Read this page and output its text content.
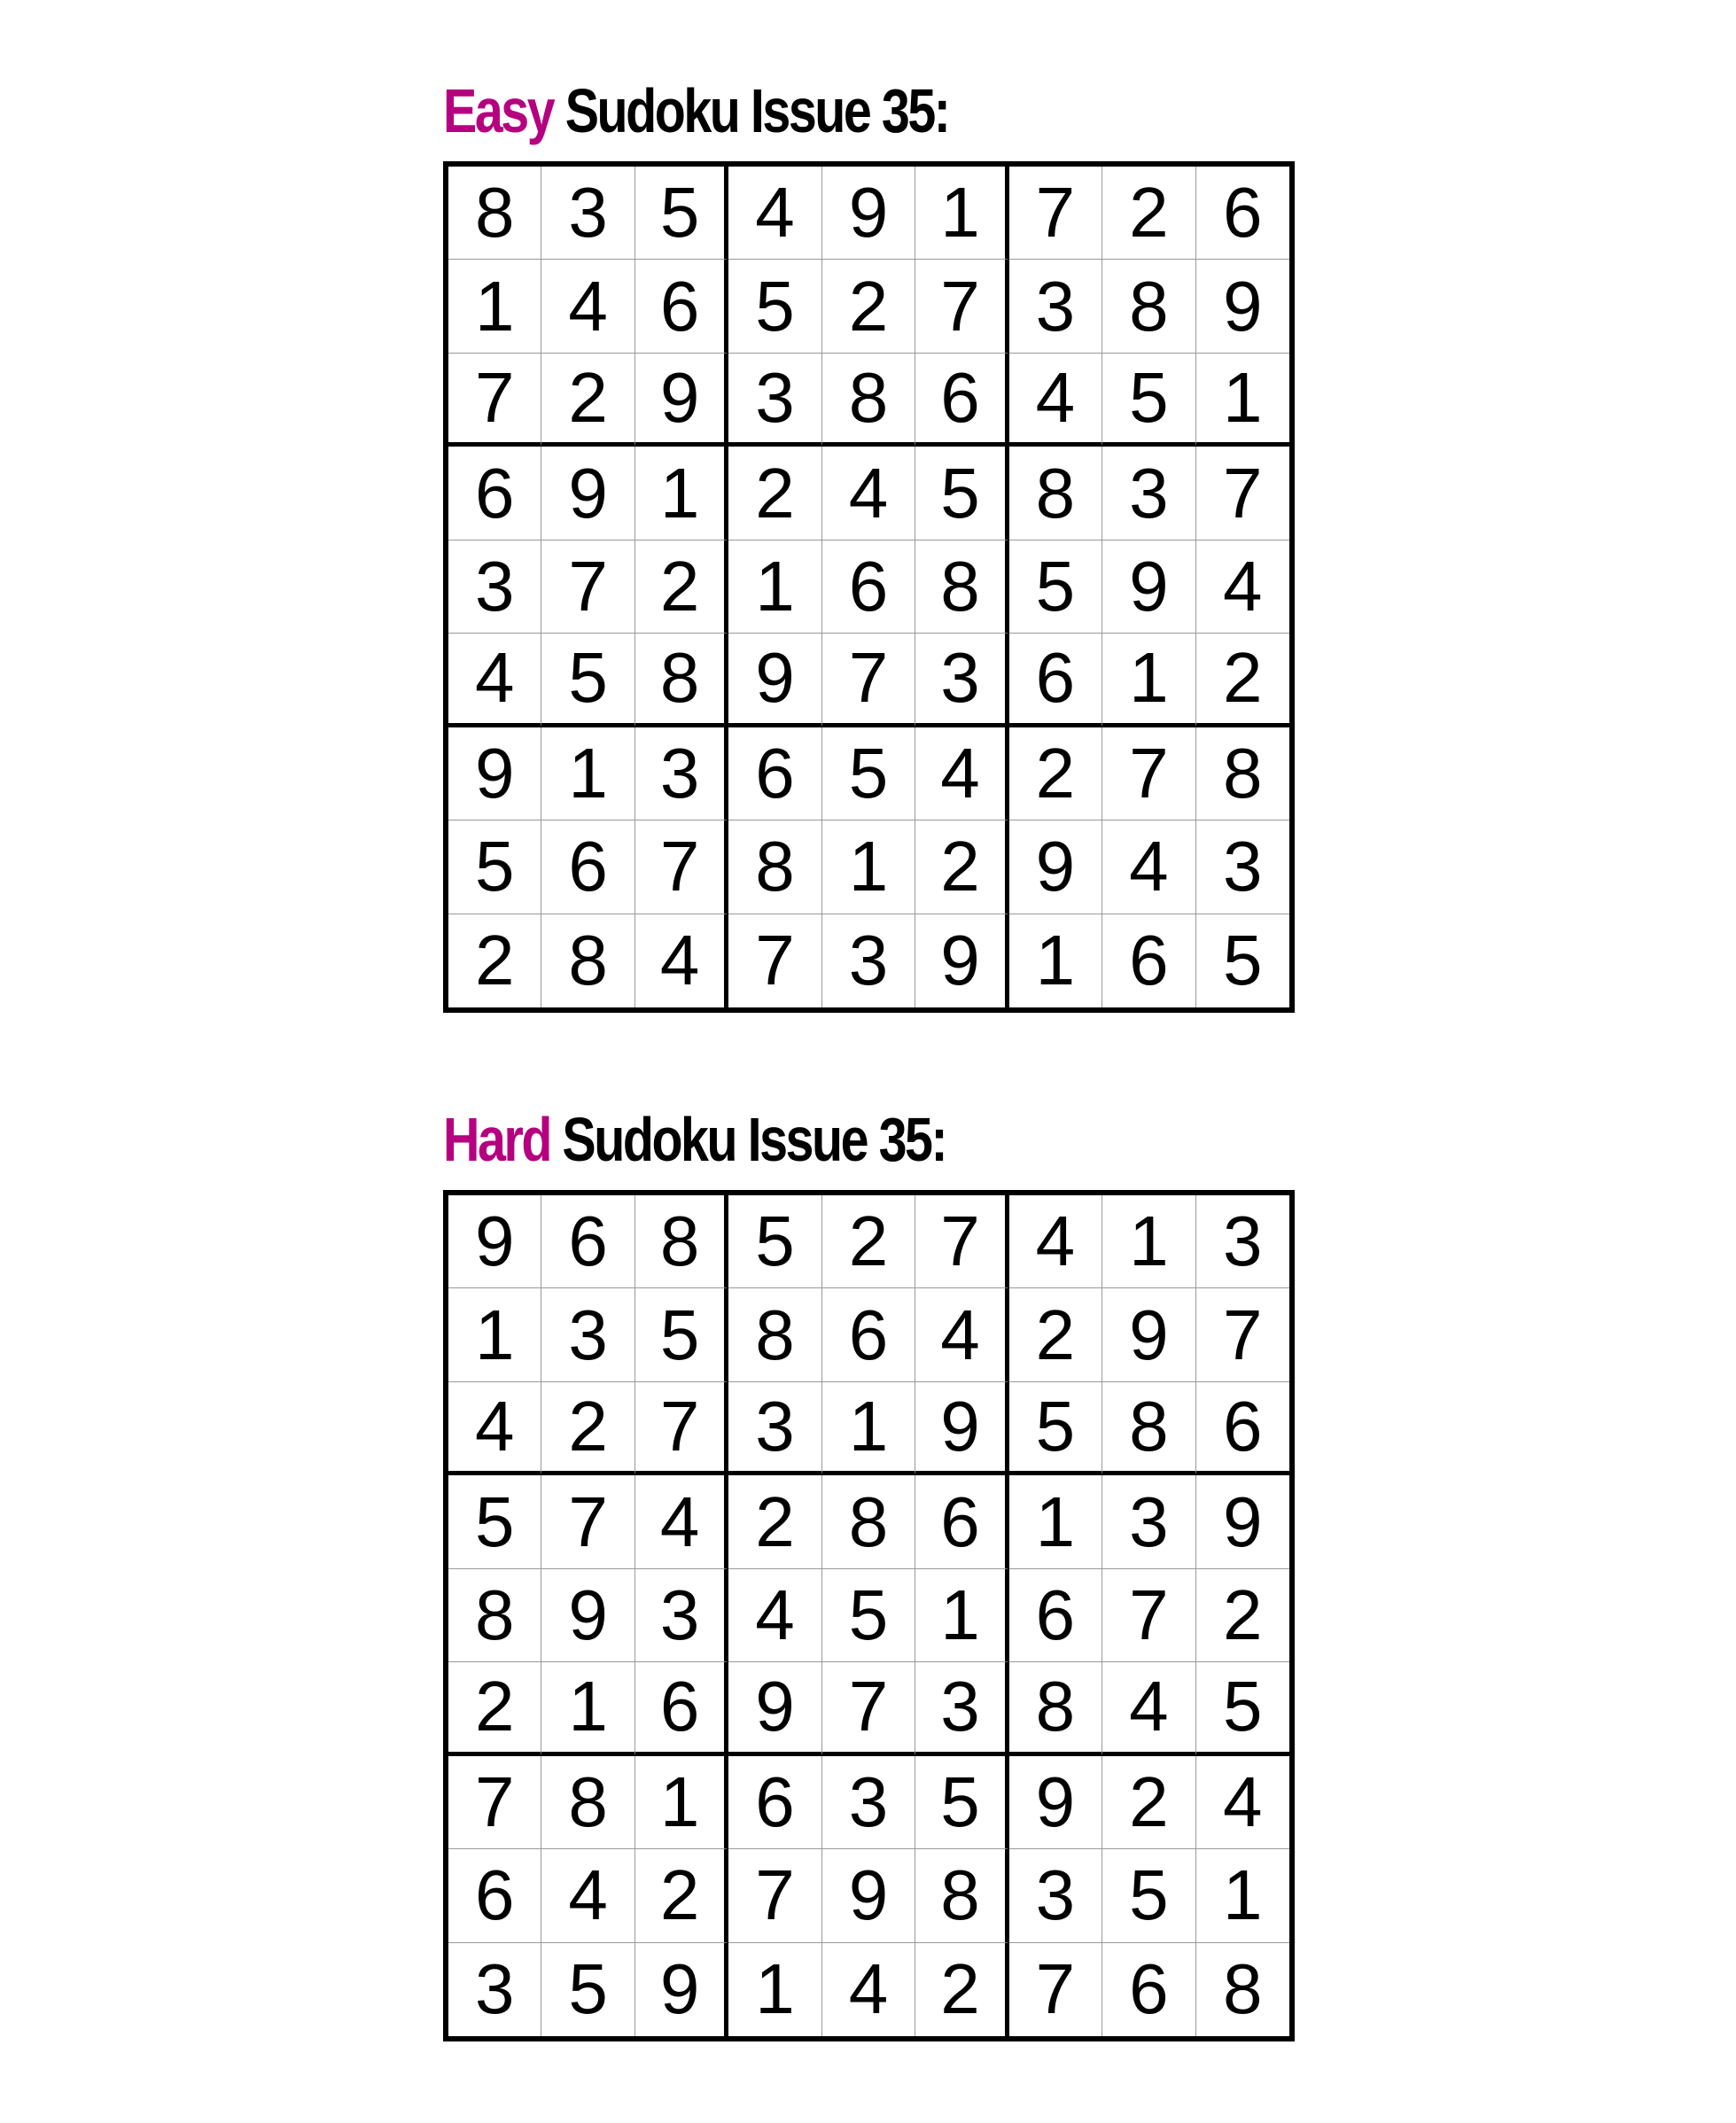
Easy Sudoku Issue 35:
8 3 5 4 9 1 7 2 6
1 4 6 5 2 7 3 8 9
7 2 9 3 8 6 4 5 1
6 9 1 2 4 5 8 3 7
3 7 2 1 6 8 5 9 4
4 5 8 9 7 3 6 1 2
9 1 3 6 5 4 2 7 8
5 6 7 8 1 2 9 4 3
2 8 4 7 3 9 1 6 5
Hard Sudoku Issue 35:
9 6 8 5 2 7 4 1 3
1 3 5 8 6 4 2 9 7
4 2 7 3 1 9 5 8 6
5 7 4 2 8 6 1 3 9
8 9 3 4 5 1 6 7 2
2 1 6 9 7 3 8 4 5
7 8 1 6 3 5 9 2 4
6 4 2 7 9 8 3 5 1
3 5 9 1 4 2 7 6 8
